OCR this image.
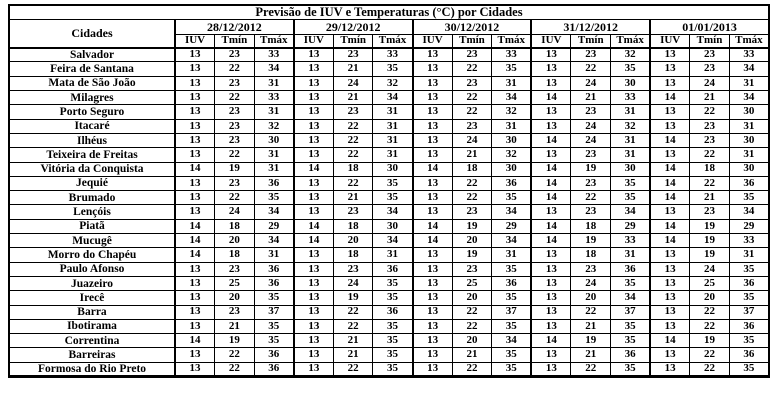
Previsão de IUV e Temperaturas (°C) por Cidades															
Cidades	28/12/2012			29/12/2012			30/12/2012			31/12/2012			01/01/2013		
	IUV	Tmín	Tmáx	IUV	Tmín	Tmáx	IUV	Tmín	Tmáx	IUV	Tmín	Tmáx	IUV	Tmín	Tmáx
Salvador	13	23	33	13	23	33	13	23	33	13	23	32	13	23	33
Feira de Santana	13	22	34	13	21	35	13	22	35	13	22	35	13	23	34
Mata de São João	13	23	31	13	24	32	13	23	31	13	24	30	13	24	31
Milagres	13	22	33	13	21	34	13	22	34	14	21	33	14	21	34
Porto Seguro	13	23	31	13	23	31	13	22	32	13	23	31	13	22	30
Itacaré	13	23	32	13	22	31	13	23	31	13	24	32	13	23	31
Ilhéus	13	23	30	13	22	31	13	24	30	14	24	31	14	23	30
Teixeira de Freitas	13	22	31	13	22	31	13	21	32	13	23	31	13	22	31
Vitória da Conquista	14	19	31	14	18	30	14	18	30	14	19	30	14	18	30
Jequié	13	23	36	13	22	35	13	22	36	14	23	35	14	22	36
Brumado	13	22	35	13	21	35	13	22	35	14	22	35	14	21	35
Lençóis	13	24	34	13	23	34	13	23	34	13	23	34	13	23	34
Piatã	14	18	29	14	18	30	14	19	29	14	18	29	14	19	29
Mucugê	14	20	34	14	20	34	14	20	34	14	19	33	14	19	33
Morro do Chapéu	14	18	31	13	18	31	13	19	31	13	18	31	13	19	31
Paulo Afonso	13	23	36	13	23	36	13	23	35	13	23	36	13	24	35
Juazeiro	13	25	36	13	24	35	13	25	36	13	24	35	13	25	36
Irecê	13	20	35	13	19	35	13	20	35	13	20	34	13	20	35
Barra	13	23	37	13	22	36	13	22	37	13	22	37	13	22	37
Ibotirama	13	21	35	13	22	35	13	22	35	13	21	35	13	22	36
Correntina	14	19	35	13	21	35	13	20	34	14	19	35	14	19	35
Barreiras	13	22	36	13	21	35	13	21	35	13	21	36	13	22	36
Formosa do Rio Preto	13	22	36	13	22	35	13	22	35	13	22	35	13	22	35
